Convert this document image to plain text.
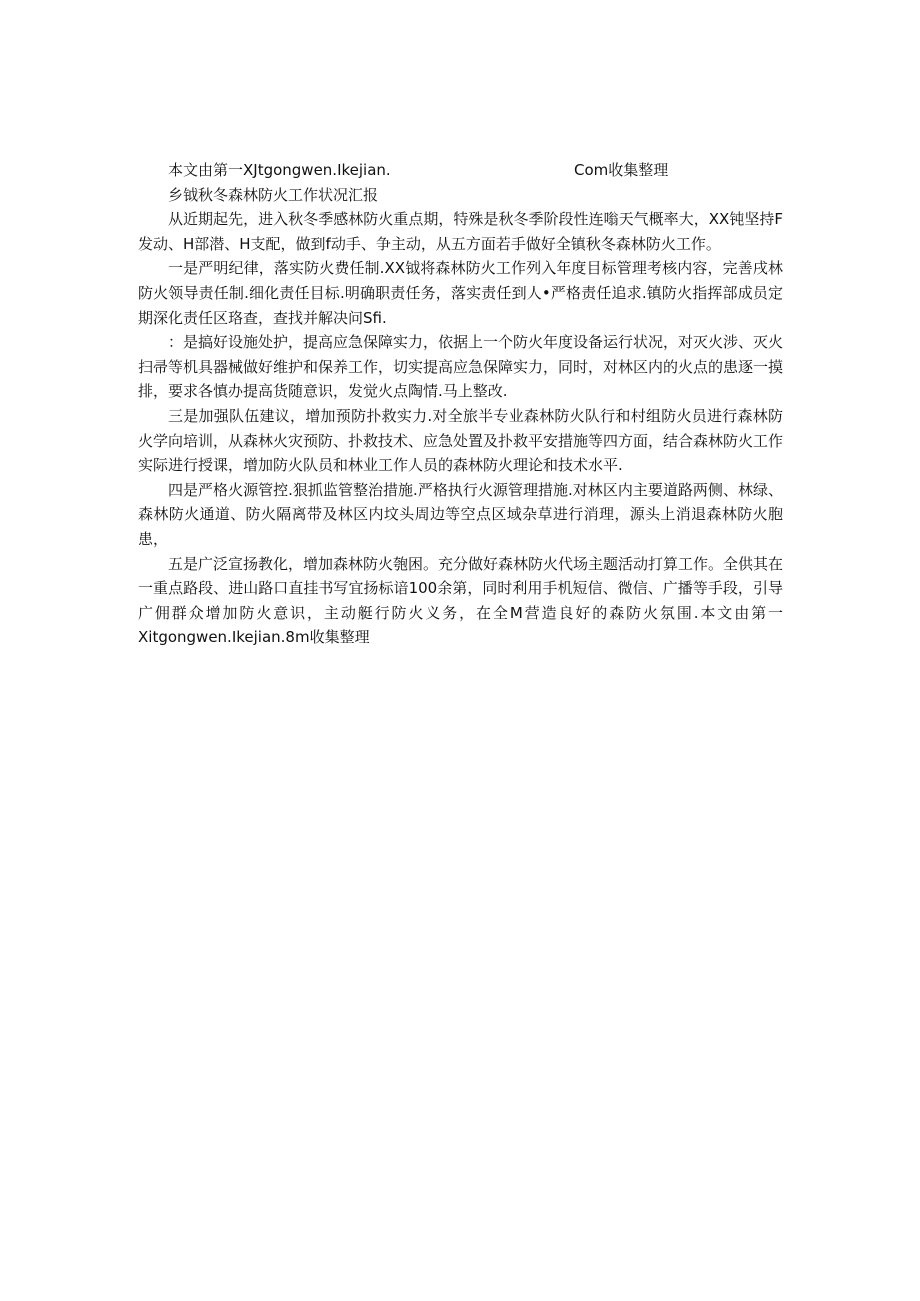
本文由第一XJtgongwen.Ikejian.	Com收集整理

乡钺秋冬森林防火工作状况汇报

从近期起先，进入秋冬季感林防火重点期，特殊是秋冬季阶段性连嗡天气概率大，XX钝坚持F发动、H部潜、H支配，做到f动手、争主动，从五方面若手做好全镇秋冬森林防火工作。

一是严明纪律，落实防火费任制.XX钺将森林防火工作列入年度目标管理考核内容，完善戌林防火领导责任制.细化责任目标.明确职责任务，落实责任到人•严格责任追求.镇防火指挥部成员定期深化责任区珞查，查找并解决问Sfi.

：是搞好设施处护，提高应急保障实力，依据上一个防火年度设备运行状况，对灭火涉、灭火扫帚等机具器械做好维护和保养工作，切实提高应急保障实力，同时，对林区内的火点的患逐一摸排，要求各慎办提高货随意识，发觉火点陶情.马上整改.

三是加强队伍建议，增加预防扑救实力.对全旅半专业森林防火队行和村组防火员进行森林防火学向培训，从森林火灾预防、扑救技术、应急处置及扑救平安措施等四方面，结合森林防火工作实际进行授课，增加防火队员和林业工作人员的森林防火理论和技术水平.

四是严格火源管控.狠抓监管整治措施.严格执行火源管理措施.对林区内主要道路两侧、林绿、森林防火通道、防火隔离带及林区内坟头周边等空点区域杂草进行消理，源头上消退森林防火胞患，

五是广泛宣扬教化，增加森林防火匏困。充分做好森林防火代场主题活动打算工作。全供其在一重点路段、进山路口直挂书写宜扬标谙100余第，同时利用手机短信、微信、广播等手段，引导广佣群众增加防火意识，主动艇行防火义务，在全M营造良好的森防火氛围.本文由第一Xitgongwen.Ikejian.8m收集整理
